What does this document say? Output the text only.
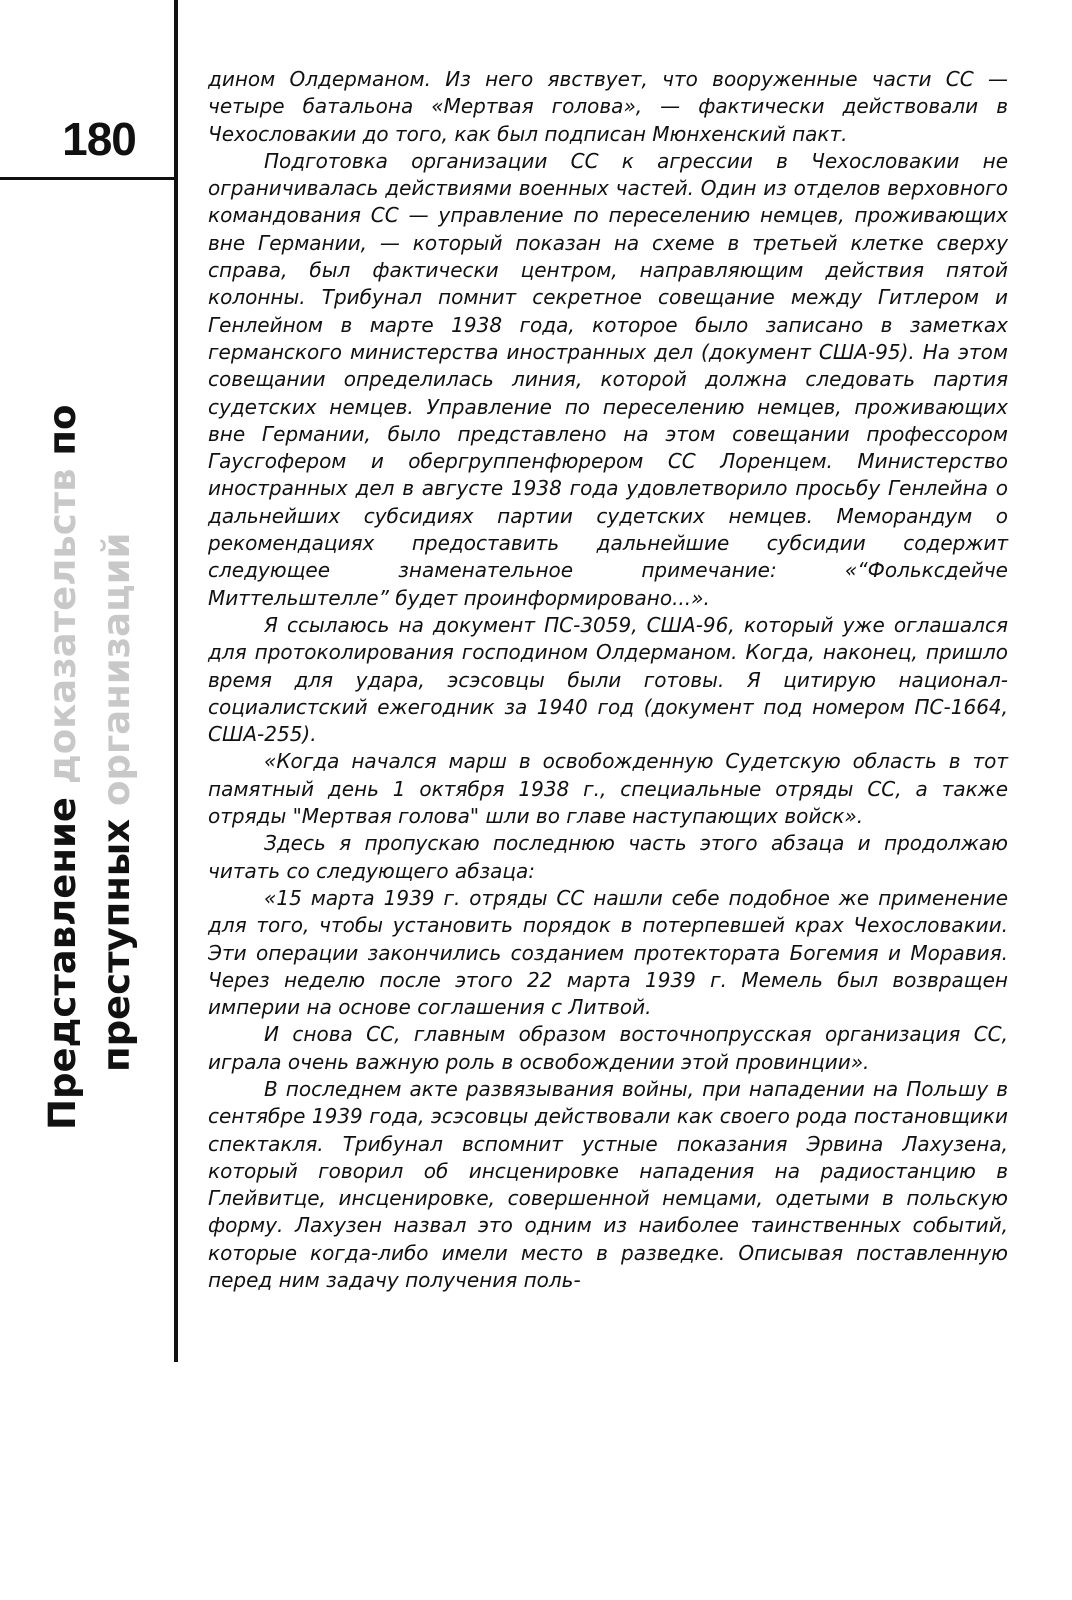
180
Представление доказательств по
преступных организаций

дином Олдерманом. Из него явствует, что вооруженные части СС — четыре батальона «Мертвая голова», — фактически действовали в Чехословакии до того, как был подписан Мюнхенский пакт.

Подготовка организации СС к агрессии в Чехословакии не ограничивалась действиями военных частей. Один из отделов верховного командования СС — управление по переселению немцев, проживающих вне Германии, — который показан на схеме в третьей клетке сверху справа, был фактически центром, направляющим действия пятой колонны. Трибунал помнит секретное совещание между Гитлером и Генлейном в марте 1938 года, которое было записано в заметках германского министерства иностранных дел (документ США-95). На этом совещании определилась линия, которой должна следовать партия судетских немцев. Управление по переселению немцев, проживающих вне Германии, было представлено на этом совещании профессором Гаусгофером и обергруппенфюрером СС Лоренцем. Министерство иностранных дел в августе 1938 года удовлетворило просьбу Генлейна о дальнейших субсидиях партии судетских немцев. Меморандум о рекомендациях предоставить дальнейшие субсидии содержит следующее знаменательное примечание: «“Фольксдейче Миттельштелле” будет проинформировано...».

Я ссылаюсь на документ ПС-3059, США-96, который уже оглашался для протоколирования господином Олдерманом. Когда, наконец, пришло время для удара, эсэсовцы были готовы. Я цитирую национал-социалистский ежегодник за 1940 год (документ под номером ПС-1664, США-255).

«Когда начался марш в освобожденную Судетскую область в тот памятный день 1 октября 1938 г., специальные отряды СС, а также отряды "Мертвая голова" шли во главе наступающих войск».

Здесь я пропускаю последнюю часть этого абзаца и продолжаю читать со следующего абзаца:

«15 марта 1939 г. отряды СС нашли себе подобное же применение для того, чтобы установить порядок в потерпевшей крах Чехословакии. Эти операции закончились созданием протектората Богемия и Моравия. Через неделю после этого 22 марта 1939 г. Мемель был возвращен империи на основе соглашения с Литвой.

И снова СС, главным образом восточнопрусская организация СС, играла очень важную роль в освобождении этой провинции».

В последнем акте развязывания войны, при нападении на Польшу в сентябре 1939 года, эсэсовцы действовали как своего рода постановщики спектакля. Трибунал вспомнит устные показания Эрвина Лахузена, который говорил об инсценировке нападения на радиостанцию в Глейвитце, инсценировке, совершенной немцами, одетыми в польскую форму. Лахузен назвал это одним из наиболее таинственных событий, которые когда-либо имели место в разведке. Описывая поставленную перед ним задачу получения поль-
